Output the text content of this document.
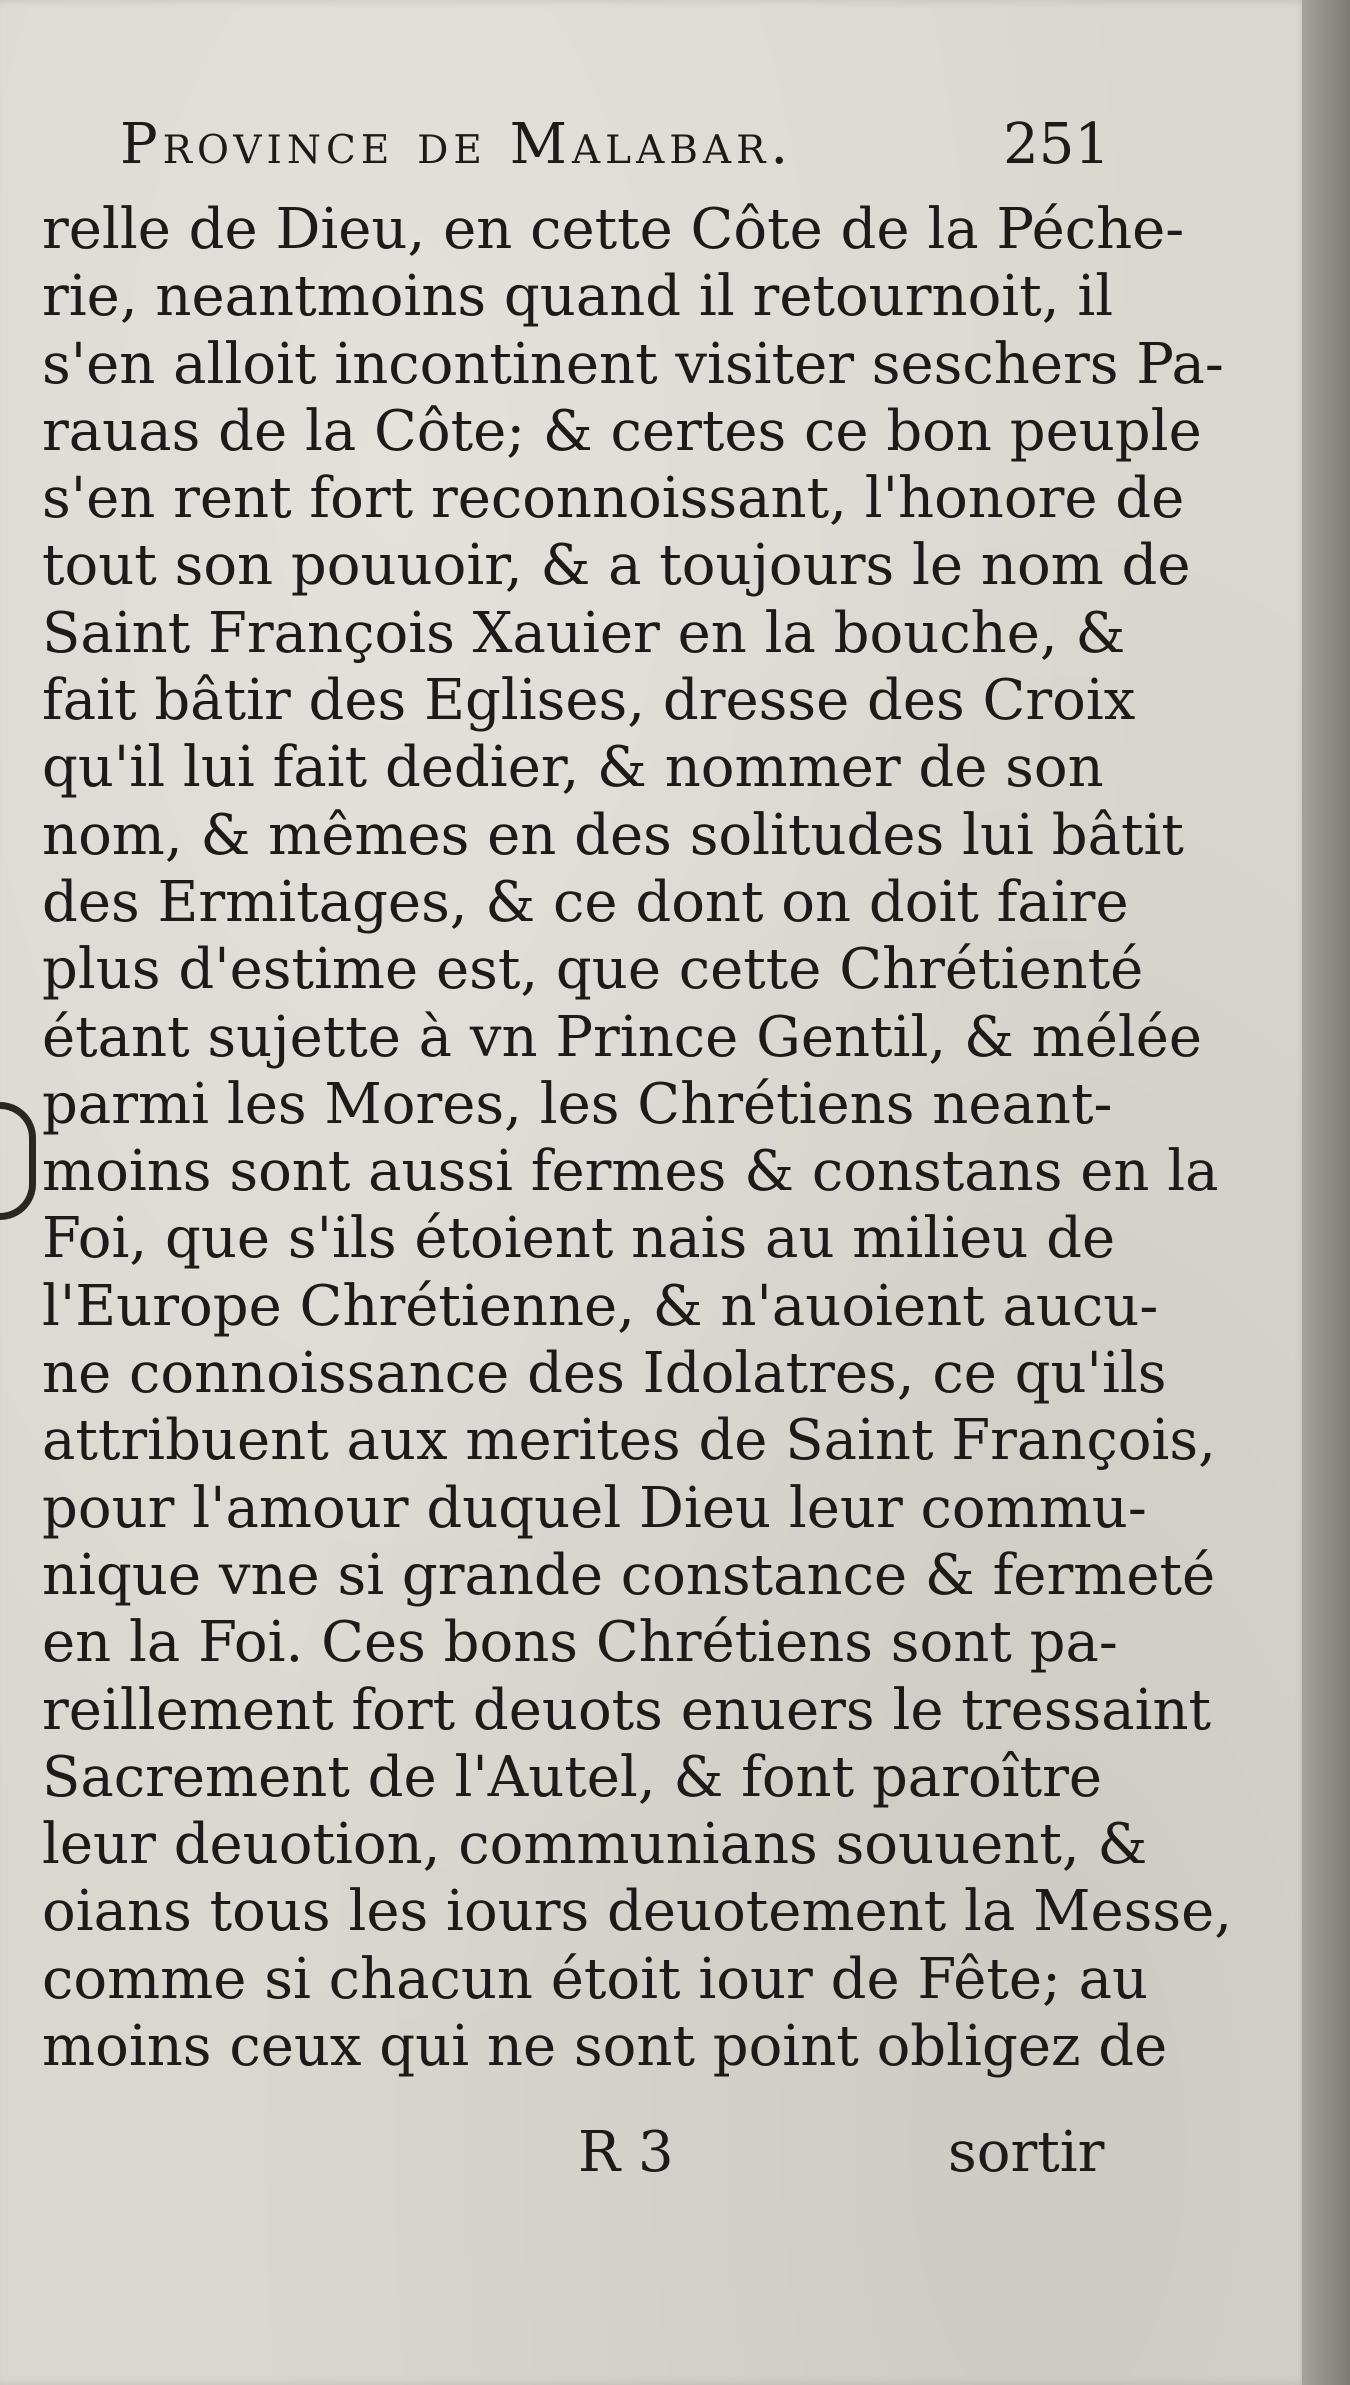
Province de Malabar.	251
relle de Dieu, en cette Côte de la Péche-
rie, neantmoins quand il retournoit, il
s'en alloit incontinent visiter seschers Pa-
rauas de la Côte; & certes ce bon peuple
s'en rent fort reconnoissant, l'honore de
tout son pouuoir, & a toujours le nom de
Saint François Xauier en la bouche, &
fait bâtir des Eglises, dresse des Croix
qu'il lui fait dedier, & nommer de son
nom, & mêmes en des solitudes lui bâtit
des Ermitages, & ce dont on doit faire
plus d'estime est, que cette Chrétienté
étant sujette à vn Prince Gentil, & mélée
parmi les Mores, les Chrétiens neant-
moins sont aussi fermes & constans en la
Foi, que s'ils étoient nais au milieu de
l'Europe Chrétienne, & n'auoient aucu-
ne connoissance des Idolatres, ce qu'ils
attribuent aux merites de Saint François,
pour l'amour duquel Dieu leur commu-
nique vne si grande constance & fermeté
en la Foi. Ces bons Chrétiens sont pa-
reillement fort deuots enuers le tressaint
Sacrement de l'Autel, & font paroître
leur deuotion, communians souuent, &
oians tous les iours deuotement la Messe,
comme si chacun étoit iour de Fête; au
moins ceux qui ne sont point obligez de
R 3	sortir
